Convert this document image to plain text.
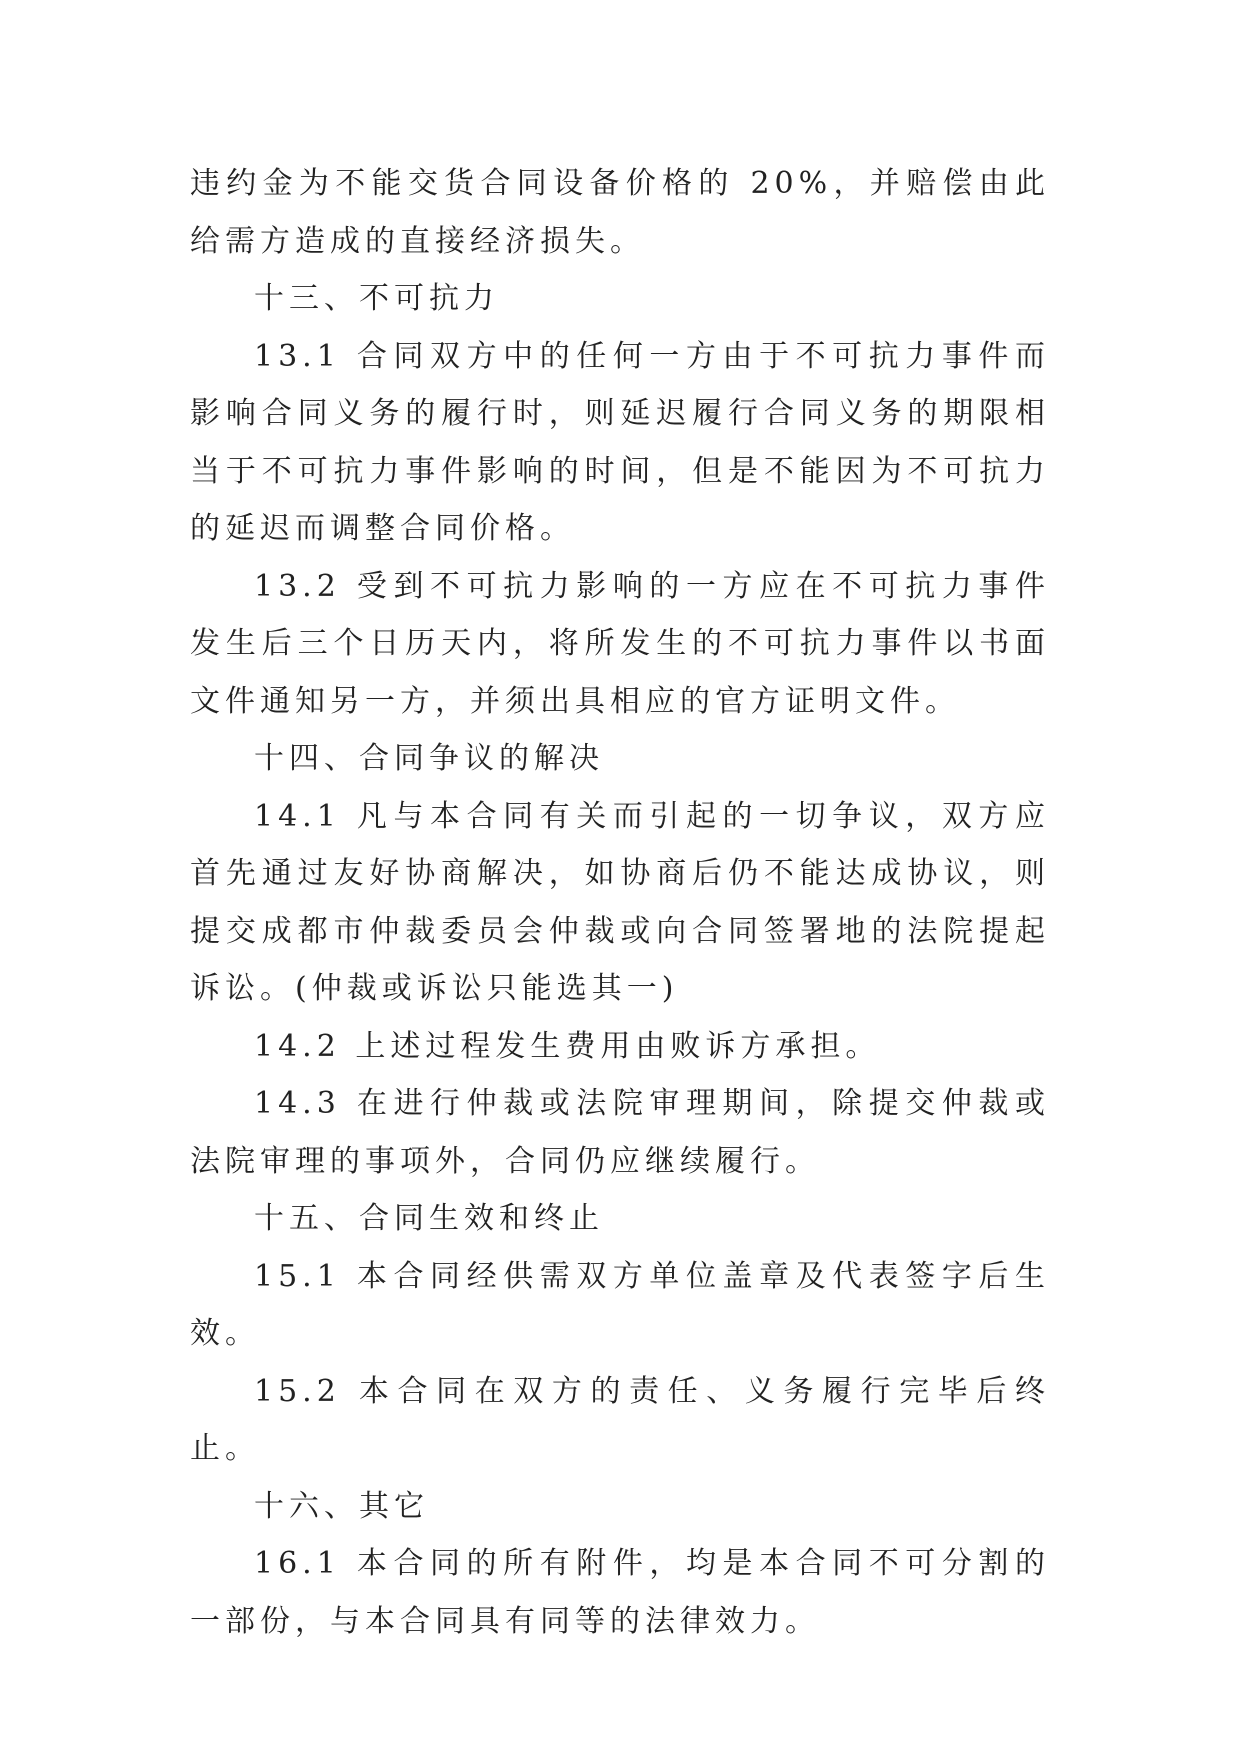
违约金为不能交货合同设备价格的 20%，并赔偿由此给需方造成的直接经济损失。

十三、不可抗力

13.1 合同双方中的任何一方由于不可抗力事件而影响合同义务的履行时，则延迟履行合同义务的期限相当于不可抗力事件影响的时间，但是不能因为不可抗力的延迟而调整合同价格。

13.2 受到不可抗力影响的一方应在不可抗力事件发生后三个日历天内，将所发生的不可抗力事件以书面文件通知另一方，并须出具相应的官方证明文件。

十四、合同争议的解决

14.1 凡与本合同有关而引起的一切争议，双方应首先通过友好协商解决，如协商后仍不能达成协议，则提交成都市仲裁委员会仲裁或向合同签署地的法院提起诉讼。(仲裁或诉讼只能选其一)

14.2 上述过程发生费用由败诉方承担。

14.3 在进行仲裁或法院审理期间，除提交仲裁或法院审理的事项外，合同仍应继续履行。

十五、合同生效和终止

15.1 本合同经供需双方单位盖章及代表签字后生效。

15.2 本合同在双方的责任、义务履行完毕后终止。

十六、其它

16.1 本合同的所有附件，均是本合同不可分割的一部份，与本合同具有同等的法律效力。
